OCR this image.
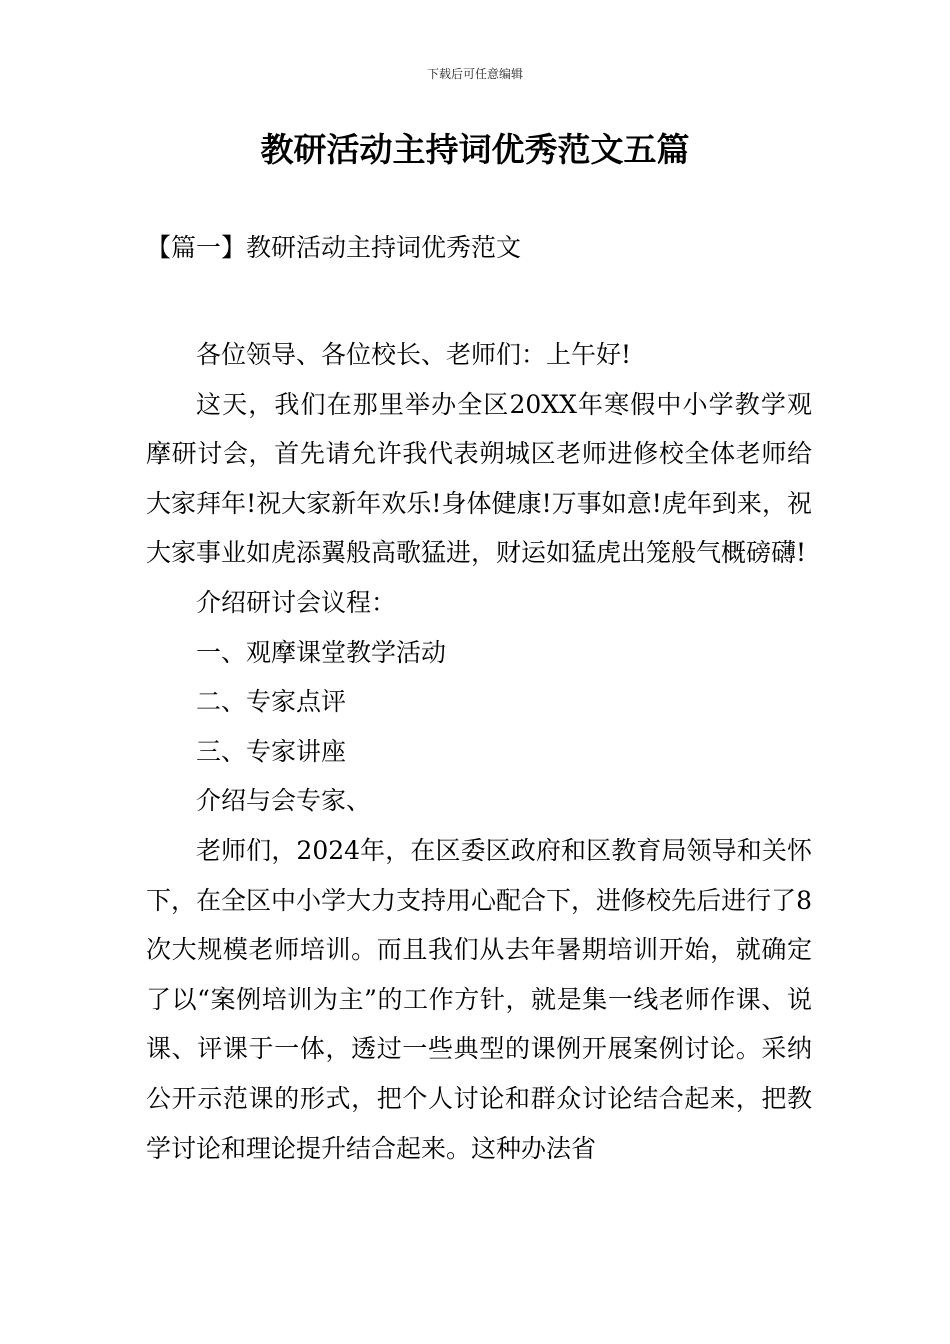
下载后可任意编辑
教研活动主持词优秀范文五篇
【篇一】教研活动主持词优秀范文

各位领导、各位校长、老师们：上午好!

这天，我们在那里举办全区20XX年寒假中小学教学观摩研讨会，首先请允许我代表朔城区老师进修校全体老师给大家拜年!祝大家新年欢乐!身体健康!万事如意!虎年到来，祝大家事业如虎添翼般高歌猛进，财运如猛虎出笼般气概磅礴!

介绍研讨会议程：

一、观摩课堂教学活动

二、专家点评

三、专家讲座

介绍与会专家、

老师们，2024年，在区委区政府和区教育局领导和关怀下，在全区中小学大力支持用心配合下，进修校先后进行了8次大规模老师培训。而且我们从去年暑期培训开始，就确定了以“案例培训为主”的工作方针，就是集一线老师作课、说课、评课于一体，透过一些典型的课例开展案例讨论。采纳公开示范课的形式，把个人讨论和群众讨论结合起来，把教学讨论和理论提升结合起来。这种办法省
